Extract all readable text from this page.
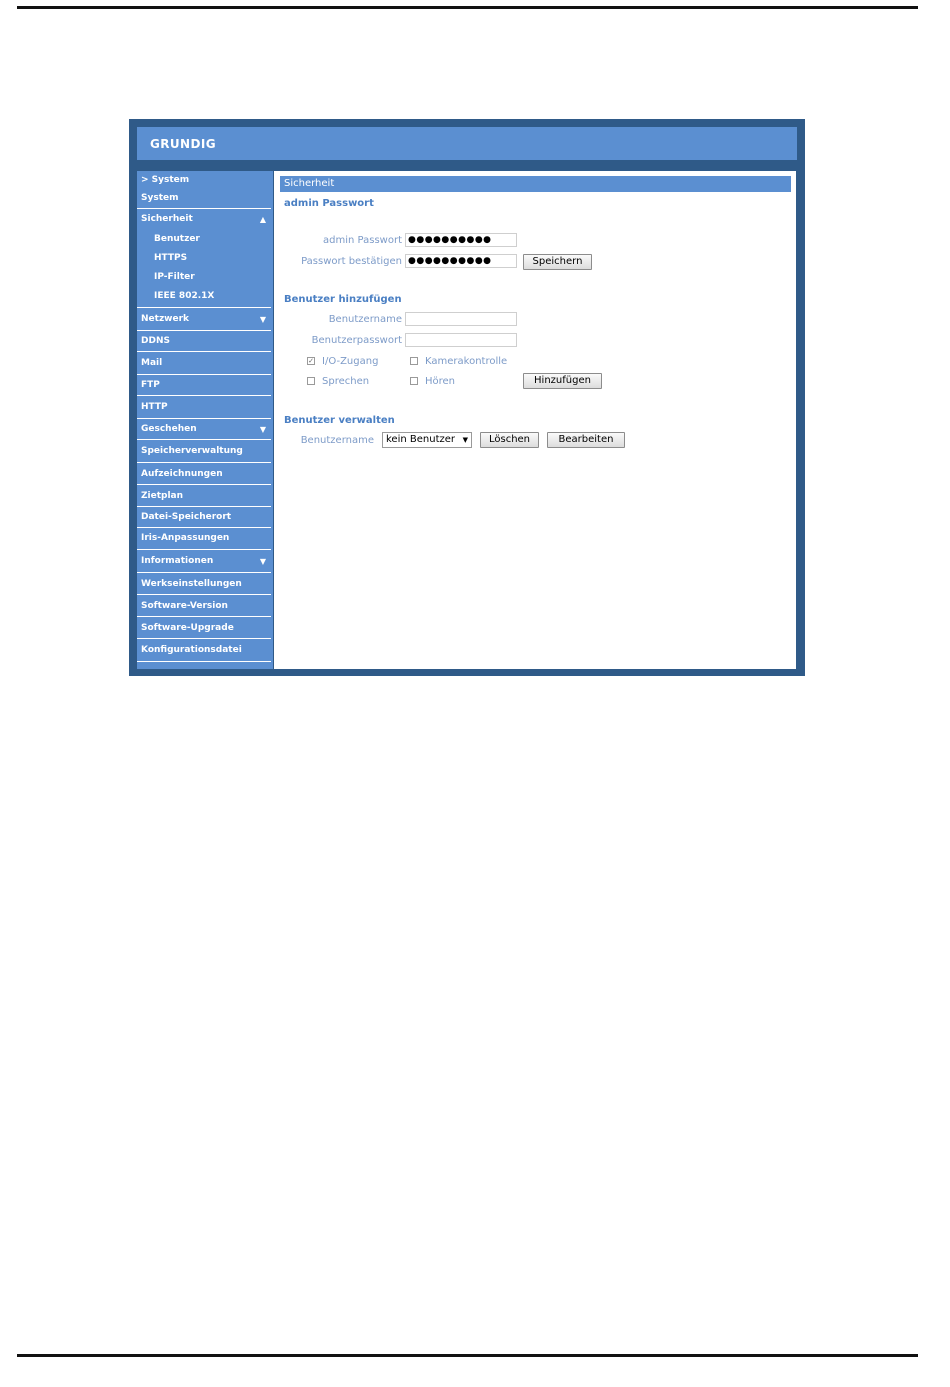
GRUNDIG
> System
System
Sicherheit	▲
Benutzer
HTTPS
IP-Filter
IEEE 802.1X
Netzwerk	▼
DDNS
Mail
FTP
HTTP
Geschehen	▼
Speicherverwaltung
Aufzeichnungen
Zietplan
Datei-Speicherort
Iris-Anpassungen
Informationen	▼
Werkseinstellungen
Software-Version
Software-Upgrade
Konfigurationsdatei
Sicherheit
admin Passwort
admin Passwort ●●●●●●●●●●
Passwort bestätigen ●●●●●●●●●●	Speichern
Benutzer hinzufügen
Benutzername
Benutzerpasswort
✓ I/O-Zugang	Kamerakontrolle
Sprechen	Hören	Hinzufügen
Benutzer verwalten
Benutzername	kein Benutzer ▼	Löschen	Bearbeiten
